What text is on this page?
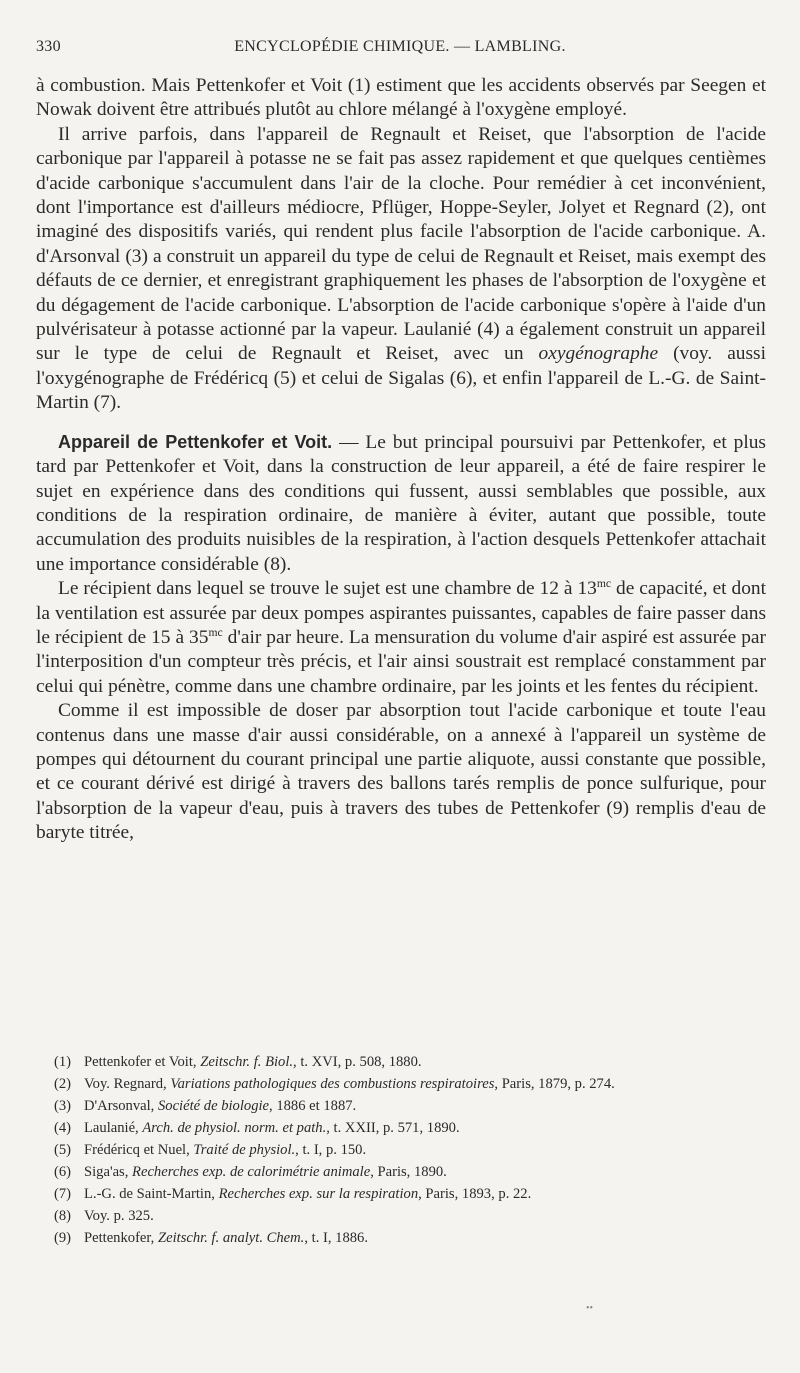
330	ENCYCLOPÉDIE CHIMIQUE. — LAMBLING.

à combustion. Mais Pettenkofer et Voit (1) estiment que les accidents observés par Seegen et Nowak doivent être attribués plutôt au chlore mélangé à l'oxygène employé.

Il arrive parfois, dans l'appareil de Regnault et Reiset, que l'absorption de l'acide carbonique par l'appareil à potasse ne se fait pas assez rapidement et que quelques centièmes d'acide carbonique s'accumulent dans l'air de la cloche. Pour remédier à cet inconvénient, dont l'importance est d'ailleurs médiocre, Pflüger, Hoppe-Seyler, Jolyet et Regnard (2), ont imaginé des dispositifs variés, qui rendent plus facile l'absorption de l'acide carbonique. A. d'Arsonval (3) a construit un appareil du type de celui de Regnault et Reiset, mais exempt des défauts de ce dernier, et enregistrant graphiquement les phases de l'absorption de l'oxygène et du dégagement de l'acide carbonique. L'absorption de l'acide carbonique s'opère à l'aide d'un pulvérisateur à potasse actionné par la vapeur. Laulanié (4) a également construit un appareil sur le type de celui de Regnault et Reiset, avec un oxygénographe (voy. aussi l'oxygénographe de Frédéricq (5) et celui de Sigalas (6), et enfin l'appareil de L.-G. de Saint-Martin (7).

Appareil de Pettenkofer et Voit. — Le but principal poursuivi par Pettenkofer, et plus tard par Pettenkofer et Voit, dans la construction de leur appareil, a été de faire respirer le sujet en expérience dans des conditions qui fussent, aussi semblables que possible, aux conditions de la respiration ordinaire, de manière à éviter, autant que possible, toute accumulation des produits nuisibles de la respiration, à l'action desquels Pettenkofer attachait une importance considérable (8).

Le récipient dans lequel se trouve le sujet est une chambre de 12 à $13^{mc}$ de capacité, et dont la ventilation est assurée par deux pompes aspirantes puissantes, capables de faire passer dans le récipient de 15 à $35^{mc}$ d'air par heure. La mensuration du volume d'air aspiré est assurée par l'interposition d'un compteur très précis, et l'air ainsi soustrait est remplacé constamment par celui qui pénètre, comme dans une chambre ordinaire, par les joints et les fentes du récipient.

Comme il est impossible de doser par absorption tout l'acide carbonique et toute l'eau contenus dans une masse d'air aussi considérable, on a annexé à l'appareil un système de pompes qui détournent du courant principal une partie aliquote, aussi constante que possible, et ce courant dérivé est dirigé à travers des ballons tarés remplis de ponce sulfurique, pour l'absorption de la vapeur d'eau, puis à travers des tubes de Pettenkofer (9) remplis d'eau de baryte titrée,

(1) Pettenkofer et Voit, Zeitschr. f. Biol., t. XVI, p. 508, 1880.

(2) Voy. Regnard, Variations pathologiques des combustions respiratoires, Paris, 1879, p. 274.

(3) D'Arsonval, Société de biologie, 1886 et 1887.

(4) Laulanié, Arch. de physiol. norm. et path., t. XXII, p. 571, 1890.

(5) Frédéricq et Nuel, Traité de physiol., t. I, p. 150.

(6) Siga'as, Recherches exp. de calorimétrie animale, Paris, 1890.

(7) L.-G. de Saint-Martin, Recherches exp. sur la respiration, Paris, 1893, p. 22.

(8) Voy. p. 325.

(9) Pettenkofer, Zeitschr. f. analyt. Chem., t. I, 1886.

••
